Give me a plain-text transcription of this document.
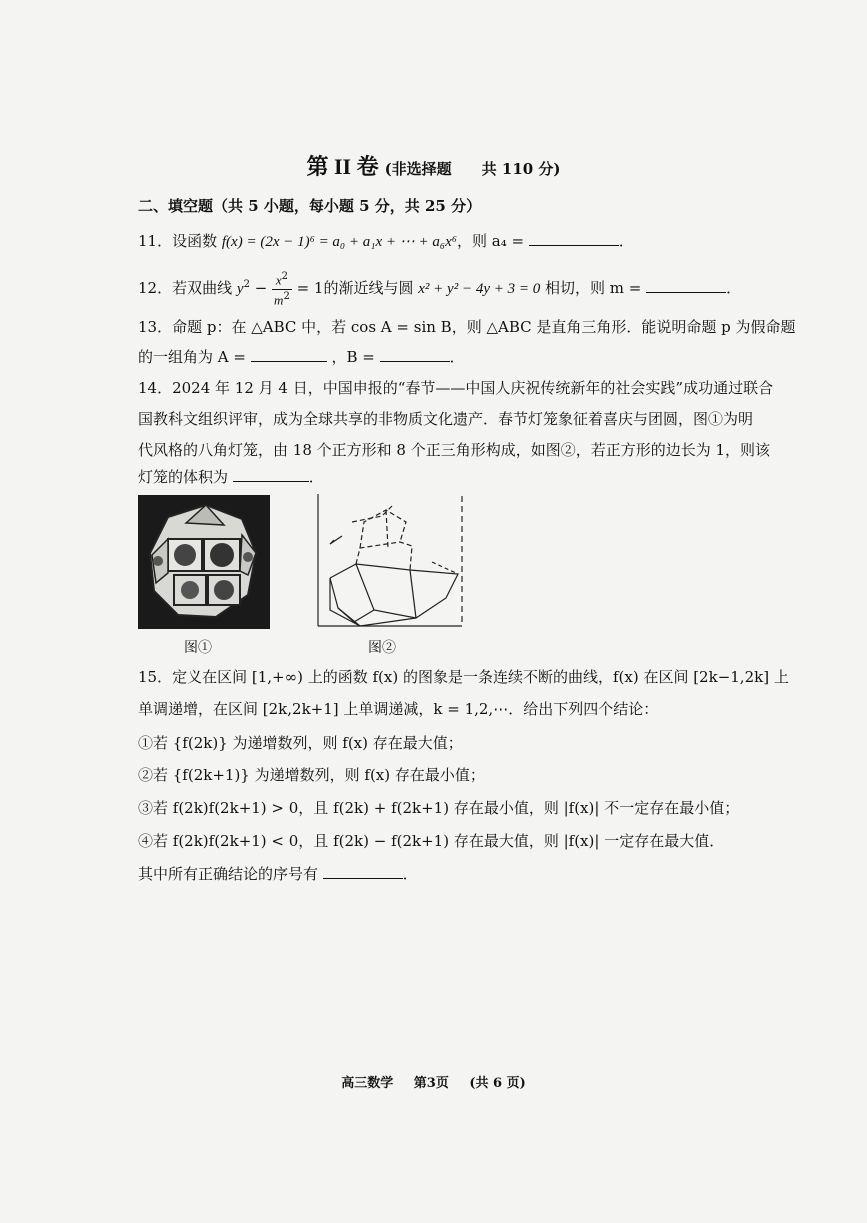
第 II 卷 (非选择题　　共 110 分)
二、填空题（共 5 小题，每小题 5 分，共 25 分）
11．设函数 f(x) = (2x − 1)⁶ = a₀ + a₁x + ⋯ + a₆x⁶，则 a₄ =	．
12．若双曲线 $y^2 - \frac{x^2}{m^2} = 1$的渐近线与圆 x² + y² − 4y + 3 = 0 相切，则 m =	．
13．命题 p：在 △ABC 中，若 cos A = sin B，则 △ABC 是直角三角形．能说明命题 p 为假命题
的一组角为 A =	，B =	．
14．2024 年 12 月 4 日，中国申报的“春节——中国人庆祝传统新年的社会实践”成功通过联合
国教科文组织评审，成为全球共享的非物质文化遗产．春节灯笼象征着喜庆与团圆，图①为明
代风格的八角灯笼，由 18 个正方形和 8 个正三角形构成，如图②，若正方形的边长为 1，则该
灯笼的体积为	．
图①	图②
15．定义在区间 [1,+∞) 上的函数 f(x) 的图象是一条连续不断的曲线，f(x) 在区间 [2k−1,2k] 上
单调递增，在区间 [2k,2k+1] 上单调递减，k = 1,2,⋯．给出下列四个结论：
①若 {f(2k)} 为递增数列，则 f(x) 存在最大值；
②若 {f(2k+1)} 为递增数列，则 f(x) 存在最小值；
③若 f(2k)f(2k+1) > 0，且 f(2k) + f(2k+1) 存在最小值，则 |f(x)| 不一定存在最小值；
④若 f(2k)f(2k+1) < 0，且 f(2k) − f(2k+1) 存在最大值，则 |f(x)| 一定存在最大值．
其中所有正确结论的序号有	．
高三数学 第3页 (共 6 页)
